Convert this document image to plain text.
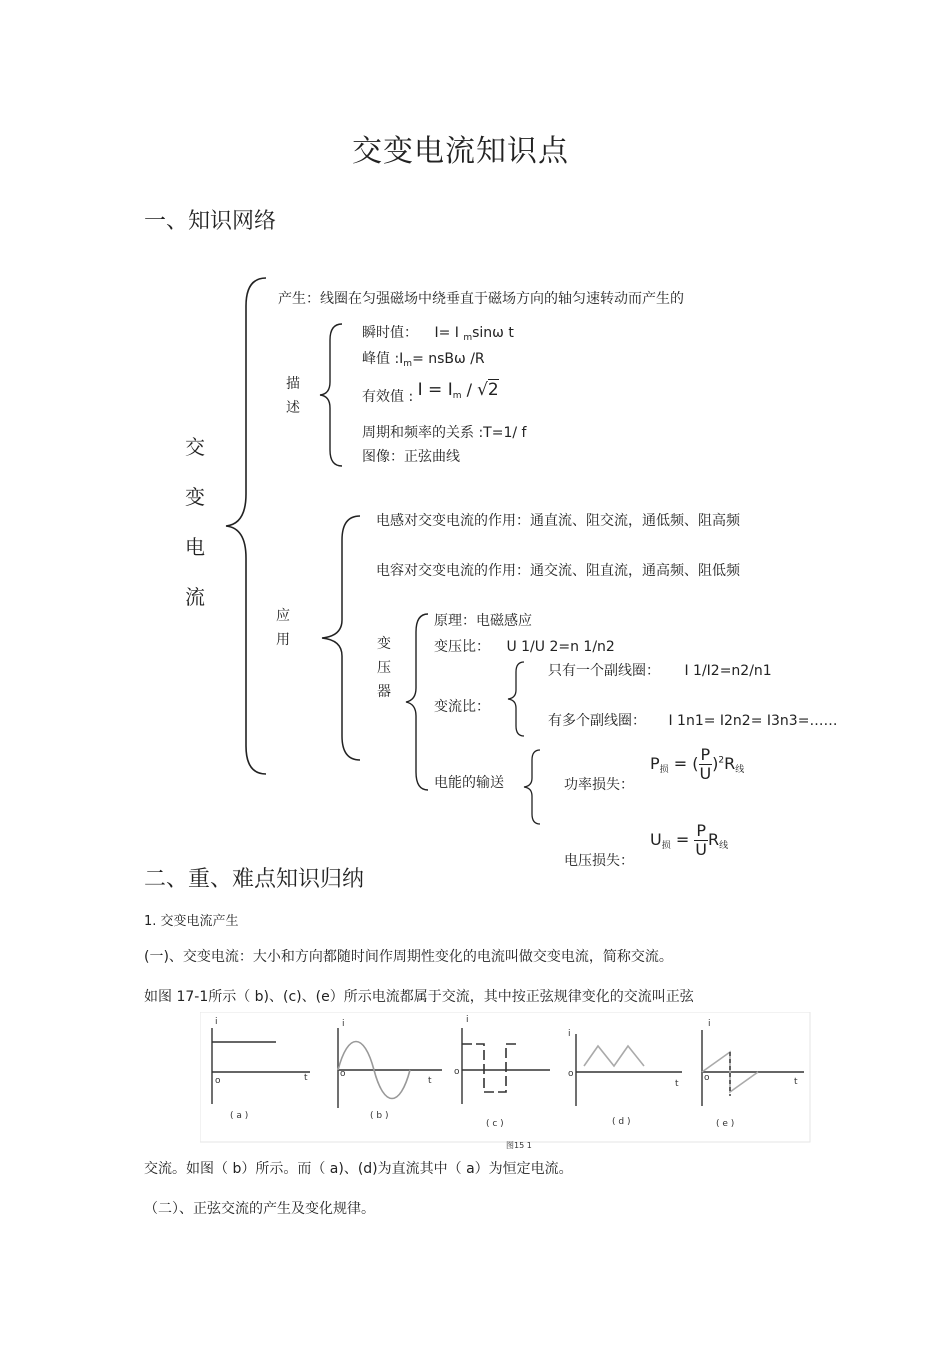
交变电流知识点
一、知识网络
交
变
电
流
产生：线圈在匀强磁场中绕垂直于磁场方向的轴匀速转动而产生的
描
述
瞬时值： I= I $_m$sinω t
峰值 $:I_m= nsB\omega$ /R
有效值 : $I = I_m / √2$
周期和频率的关系 :T=1/ f
图像：正弦曲线
应
用
电感对交变电流的作用：通直流、阻交流，通低频、阻高频
电容对交变电流的作用：通交流、阻直流，通高频、阻低频
变
压
器
原理：电磁感应
变压比： U 1/U 2=n 1/n2
变流比：
只有一个副线圈： I 1/I2=n2/n1
有多个副线圈： I 1n1= I2n2= I3n3=……
电能的输送	功率损失：
$P_损$ = ( $\frac{P}{U} )^2R_线$
电压损失：
$U_损 = \frac{P}{U} R_线$
二、重、难点知识归纳
1. 交变电流产生
(一)、交变电流：大小和方向都随时间作周期性变化的电流叫做交变电流，简称交流。
如图 17-1所示（ b)、(c)、(e）所示电流都属于交流，其中按正弦规律变化的交流叫正弦
i
o
( a )
i
o
t
( b )
t
i
o
( c )
i
o
t
( d )
i
o	t
( e )
图15 1
交流。如图（ b）所示。而（ a)、(d)为直流其中（ a）为恒定电流。
（二）、正弦交流的产生及变化规律。
